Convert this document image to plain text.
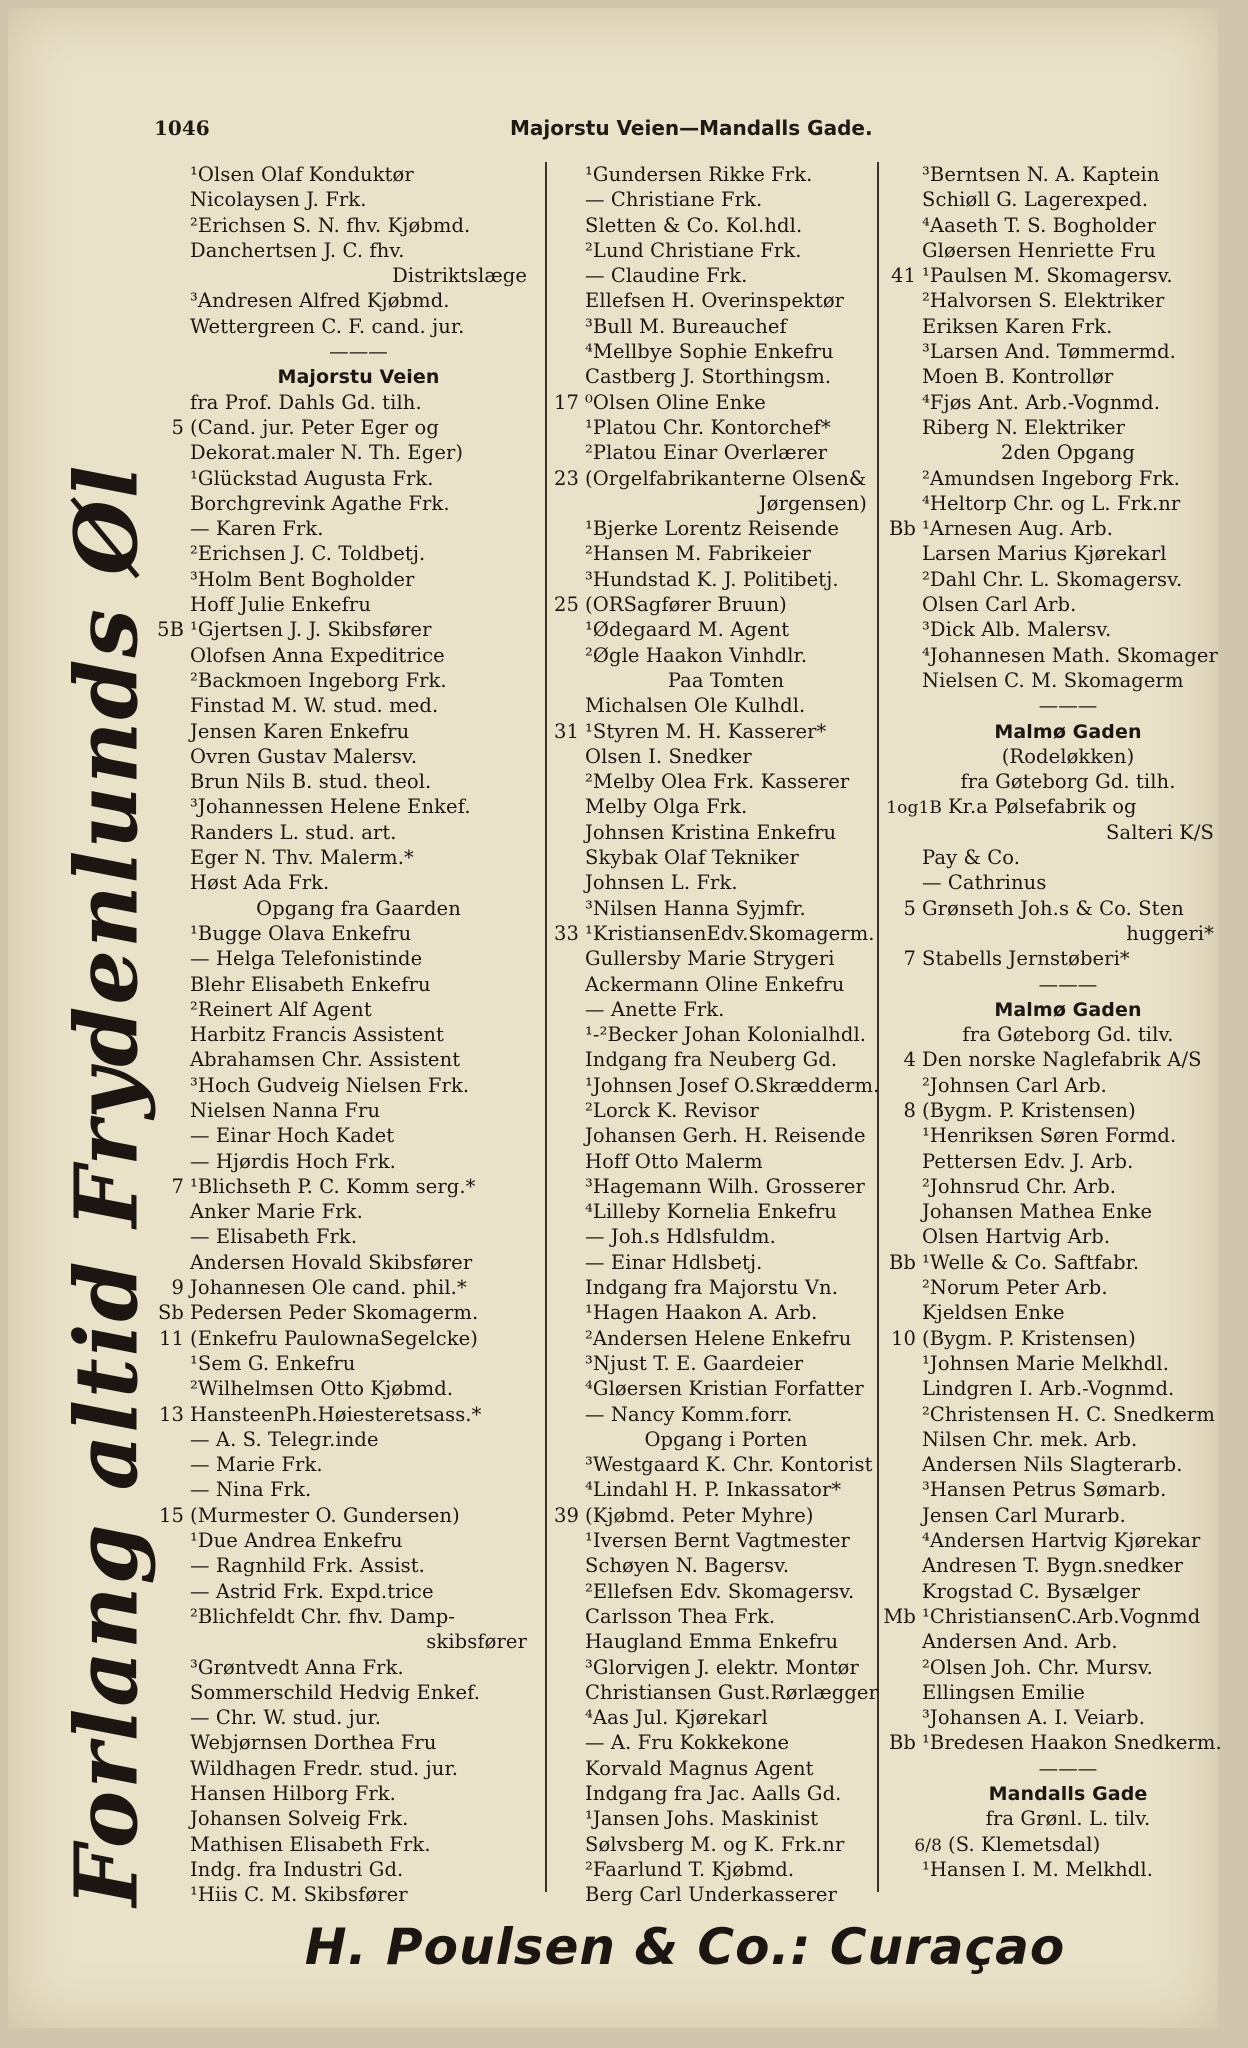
1046	Majorstu Veien—Mandalls Gade.
Forlang altid Frydenlunds Øl
¹Olsen Olaf Konduktør
Nicolaysen J. Frk.
²Erichsen S. N. fhv. Kjøbmd.
Danchertsen J. C. fhv.
Distriktslæge
³Andresen Alfred Kjøbmd.
Wettergreen C. F. cand. jur.
———
Majorstu Veien
fra Prof. Dahls Gd. tilh.
5 (Cand. jur. Peter Eger og
Dekorat.maler N. Th. Eger)
¹Glückstad Augusta Frk.
Borchgrevink Agathe Frk.
— Karen Frk.
²Erichsen J. C. Toldbetj.
³Holm Bent Bogholder
Hoff Julie Enkefru
5B ¹Gjertsen J. J. Skibsfører
Olofsen Anna Expeditrice
²Backmoen Ingeborg Frk.
Finstad M. W. stud. med.
Jensen Karen Enkefru
Ovren Gustav Malersv.
Brun Nils B. stud. theol.
³Johannessen Helene Enkef.
Randers L. stud. art.
Eger N. Thv. Malerm.*
Høst Ada Frk.
Opgang fra Gaarden
¹Bugge Olava Enkefru
— Helga Telefonistinde
Blehr Elisabeth Enkefru
²Reinert Alf Agent
Harbitz Francis Assistent
Abrahamsen Chr. Assistent
³Hoch Gudveig Nielsen Frk.
Nielsen Nanna Fru
— Einar Hoch Kadet
— Hjørdis Hoch Frk.
7 ¹Blichseth P. C. Komm serg.*
Anker Marie Frk.
— Elisabeth Frk.
Andersen Hovald Skibsfører
9 Johannesen Ole cand. phil.*
Sb Pedersen Peder Skomagerm.
11 (Enkefru PaulownaSegelcke)
¹Sem G. Enkefru
²Wilhelmsen Otto Kjøbmd.
13 HansteenPh.Høiesteretsass.*
— A. S. Telegr.inde
— Marie Frk.
— Nina Frk.
15 (Murmester O. Gundersen)
¹Due Andrea Enkefru
— Ragnhild Frk. Assist.
— Astrid Frk. Expd.trice
²Blichfeldt Chr. fhv. Damp-
skibsfører
³Grøntvedt Anna Frk.
Sommerschild Hedvig Enkef.
— Chr. W. stud. jur.
Webjørnsen Dorthea Fru
Wildhagen Fredr. stud. jur.
Hansen Hilborg Frk.
Johansen Solveig Frk.
Mathisen Elisabeth Frk.
Indg. fra Industri Gd.
¹Hiis C. M. Skibsfører
¹Gundersen Rikke Frk.
— Christiane Frk.
Sletten & Co. Kol.hdl.
²Lund Christiane Frk.
— Claudine Frk.
Ellefsen H. Overinspektør
³Bull M. Bureauchef
⁴Mellbye Sophie Enkefru
Castberg J. Storthingsm.
17 ⁰Olsen Oline Enke
¹Platou Chr. Kontorchef*
²Platou Einar Overlærer
23 (Orgelfabrikanterne Olsen&
Jørgensen)
¹Bjerke Lorentz Reisende
²Hansen M. Fabrikeier
³Hundstad K. J. Politibetj.
25 (ORSagfører Bruun)
¹Ødegaard M. Agent
²Øgle Haakon Vinhdlr.
Paa Tomten
Michalsen Ole Kulhdl.
31 ¹Styren M. H. Kasserer*
Olsen I. Snedker
²Melby Olea Frk. Kasserer
Melby Olga Frk.
Johnsen Kristina Enkefru
Skybak Olaf Tekniker
Johnsen L. Frk.
³Nilsen Hanna Syjmfr.
33 ¹KristiansenEdv.Skomagerm.
Gullersby Marie Strygeri
Ackermann Oline Enkefru
— Anette Frk.
¹-²Becker Johan Kolonialhdl.
Indgang fra Neuberg Gd.
¹Johnsen Josef O.Skrædderm.
²Lorck K. Revisor
Johansen Gerh. H. Reisende
Hoff Otto Malerm
³Hagemann Wilh. Grosserer
⁴Lilleby Kornelia Enkefru
— Joh.s Hdlsfuldm.
— Einar Hdlsbetj.
Indgang fra Majorstu Vn.
¹Hagen Haakon A. Arb.
²Andersen Helene Enkefru
³Njust T. E. Gaardeier
⁴Gløersen Kristian Forfatter
— Nancy Komm.forr.
Opgang i Porten
³Westgaard K. Chr. Kontorist
⁴Lindahl H. P. Inkassator*
39 (Kjøbmd. Peter Myhre)
¹Iversen Bernt Vagtmester
Schøyen N. Bagersv.
²Ellefsen Edv. Skomagersv.
Carlsson Thea Frk.
Haugland Emma Enkefru
³Glorvigen J. elektr. Montør
Christiansen Gust.Rørlægger
⁴Aas Jul. Kjørekarl
— A. Fru Kokkekone
Korvald Magnus Agent
Indgang fra Jac. Aalls Gd.
¹Jansen Johs. Maskinist
Sølvsberg M. og K. Frk.nr
²Faarlund T. Kjøbmd.
Berg Carl Underkasserer
³Berntsen N. A. Kaptein
Schiøll G. Lagerexped.
⁴Aaseth T. S. Bogholder
Gløersen Henriette Fru
41 ¹Paulsen M. Skomagersv.
²Halvorsen S. Elektriker
Eriksen Karen Frk.
³Larsen And. Tømmermd.
Moen B. Kontrollør
⁴Fjøs Ant. Arb.-Vognmd.
Riberg N. Elektriker
2den Opgang
²Amundsen Ingeborg Frk.
⁴Heltorp Chr. og L. Frk.nr
Bb ¹Arnesen Aug. Arb.
Larsen Marius Kjørekarl
²Dahl Chr. L. Skomagersv.
Olsen Carl Arb.
³Dick Alb. Malersv.
⁴Johannesen Math. Skomager
Nielsen C. M. Skomagerm
———
Malmø Gaden
(Rodeløkken)
fra Gøteborg Gd. tilh.
1og1B Kr.a Pølsefabrik og
Salteri K/S
Pay & Co.
— Cathrinus
5 Grønseth Joh.s & Co. Sten
huggeri*
7 Stabells Jernstøberi*
———
Malmø Gaden
fra Gøteborg Gd. tilv.
4 Den norske Naglefabrik A/S
²Johnsen Carl Arb.
8 (Bygm. P. Kristensen)
¹Henriksen Søren Formd.
Pettersen Edv. J. Arb.
²Johnsrud Chr. Arb.
Johansen Mathea Enke
Olsen Hartvig Arb.
Bb ¹Welle & Co. Saftfabr.
²Norum Peter Arb.
Kjeldsen Enke
10 (Bygm. P. Kristensen)
¹Johnsen Marie Melkhdl.
Lindgren I. Arb.-Vognmd.
²Christensen H. C. Snedkerm
Nilsen Chr. mek. Arb.
Andersen Nils Slagterarb.
³Hansen Petrus Sømarb.
Jensen Carl Murarb.
⁴Andersen Hartvig Kjørekar
Andresen T. Bygn.snedker
Krogstad C. Bysælger
Mb ¹ChristiansenC.Arb.Vognmd
Andersen And. Arb.
²Olsen Joh. Chr. Mursv.
Ellingsen Emilie
³Johansen A. I. Veiarb.
Bb ¹Bredesen Haakon Snedkerm.
———
Mandalls Gade
fra Grønl. L. tilv.
6/8 (S. Klemetsdal)
¹Hansen I. M. Melkhdl.
H. Poulsen & Co.: Curaçao
